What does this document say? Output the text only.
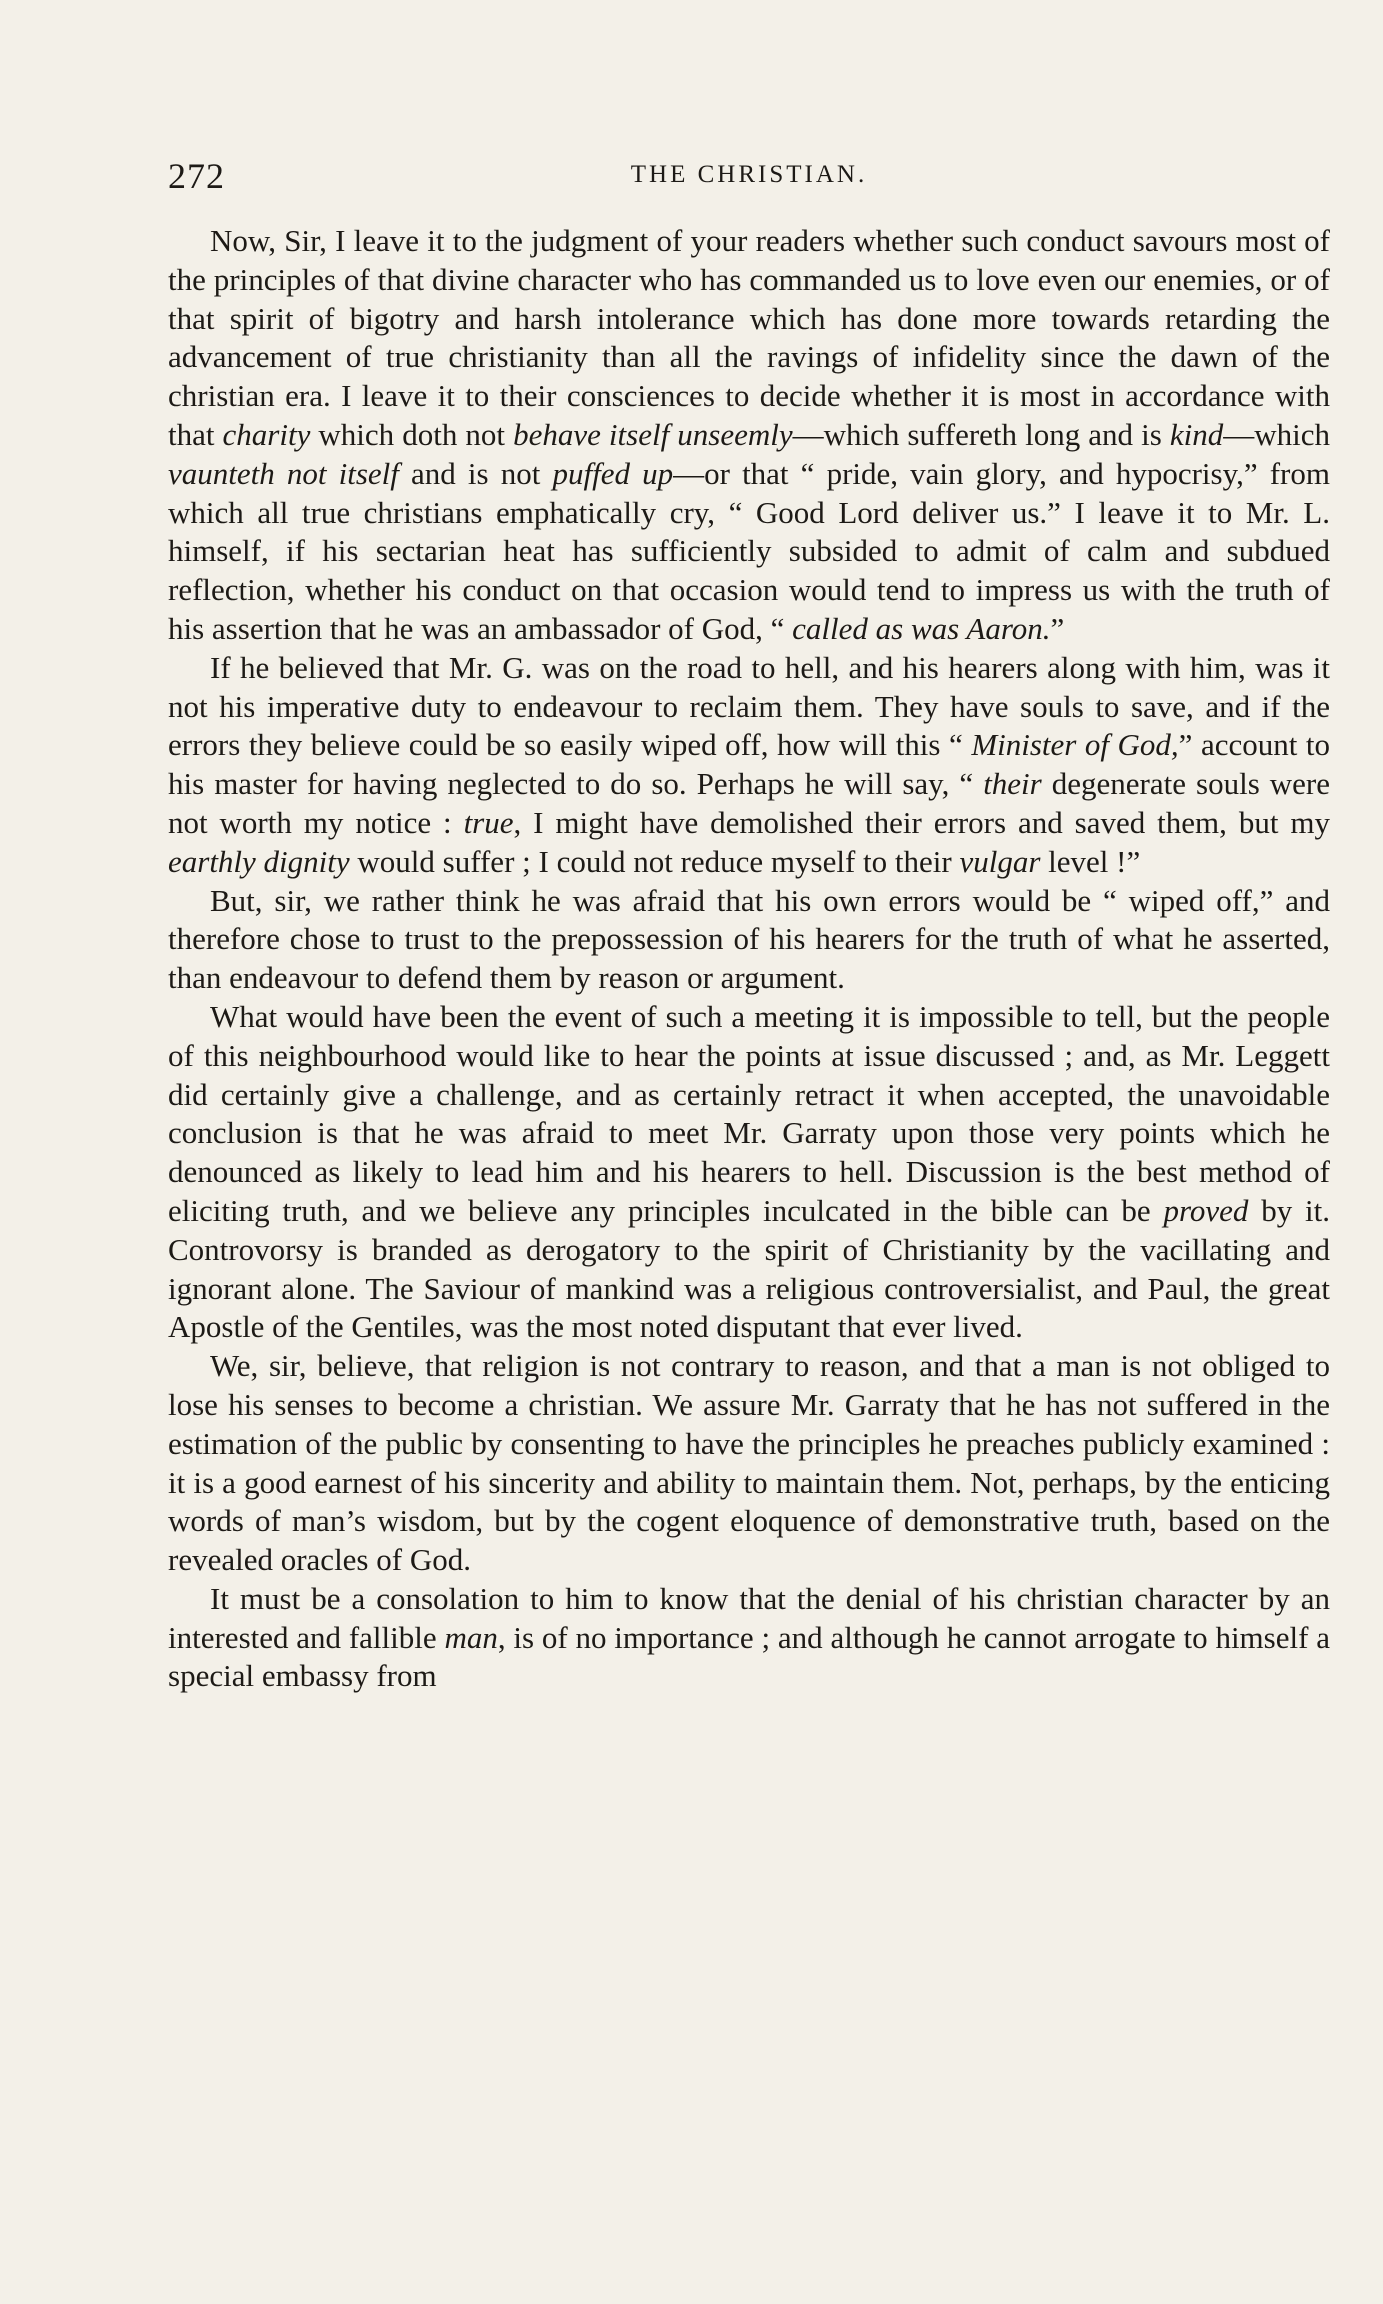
272	THE CHRISTIAN.

Now, Sir, I leave it to the judgment of your readers whether such conduct savours most of the principles of that divine character who has commanded us to love even our enemies, or of that spirit of bigotry and harsh intolerance which has done more towards retarding the advancement of true christianity than all the ravings of infidelity since the dawn of the christian era. I leave it to their consciences to decide whether it is most in accordance with that charity which doth not behave itself unseemly—which suffereth long and is kind—which vaunteth not itself and is not puffed up—or that “ pride, vain glory, and hypocrisy,” from which all true christians emphatically cry, “ Good Lord deliver us.” I leave it to Mr. L. himself, if his sectarian heat has sufficiently subsided to admit of calm and subdued reflection, whether his conduct on that occasion would tend to impress us with the truth of his assertion that he was an ambassador of God, “ called as was Aaron.”

If he believed that Mr. G. was on the road to hell, and his hearers along with him, was it not his imperative duty to endeavour to reclaim them. They have souls to save, and if the errors they believe could be so easily wiped off, how will this “ Minister of God,” account to his master for having neglected to do so. Perhaps he will say, “ their degenerate souls were not worth my notice : true, I might have demolished their errors and saved them, but my earthly dignity would suffer ; I could not reduce myself to their vulgar level !”

But, sir, we rather think he was afraid that his own errors would be “ wiped off,” and therefore chose to trust to the prepossession of his hearers for the truth of what he asserted, than endeavour to defend them by reason or argument.

What would have been the event of such a meeting it is impossible to tell, but the people of this neighbourhood would like to hear the points at issue discussed ; and, as Mr. Leggett did certainly give a challenge, and as certainly retract it when accepted, the unavoidable conclusion is that he was afraid to meet Mr. Garraty upon those very points which he denounced as likely to lead him and his hearers to hell. Discussion is the best method of eliciting truth, and we believe any principles inculcated in the bible can be proved by it. Controvorsy is branded as derogatory to the spirit of Christianity by the vacillating and ignorant alone. The Saviour of mankind was a religious controversialist, and Paul, the great Apostle of the Gentiles, was the most noted disputant that ever lived.

We, sir, believe, that religion is not contrary to reason, and that a man is not obliged to lose his senses to become a christian. We assure Mr. Garraty that he has not suffered in the estimation of the public by consenting to have the principles he preaches publicly examined : it is a good earnest of his sincerity and ability to maintain them. Not, perhaps, by the enticing words of man’s wisdom, but by the cogent eloquence of demonstrative truth, based on the revealed oracles of God.

It must be a consolation to him to know that the denial of his christian character by an interested and fallible man, is of no importance ; and although he cannot arrogate to himself a special embassy from
